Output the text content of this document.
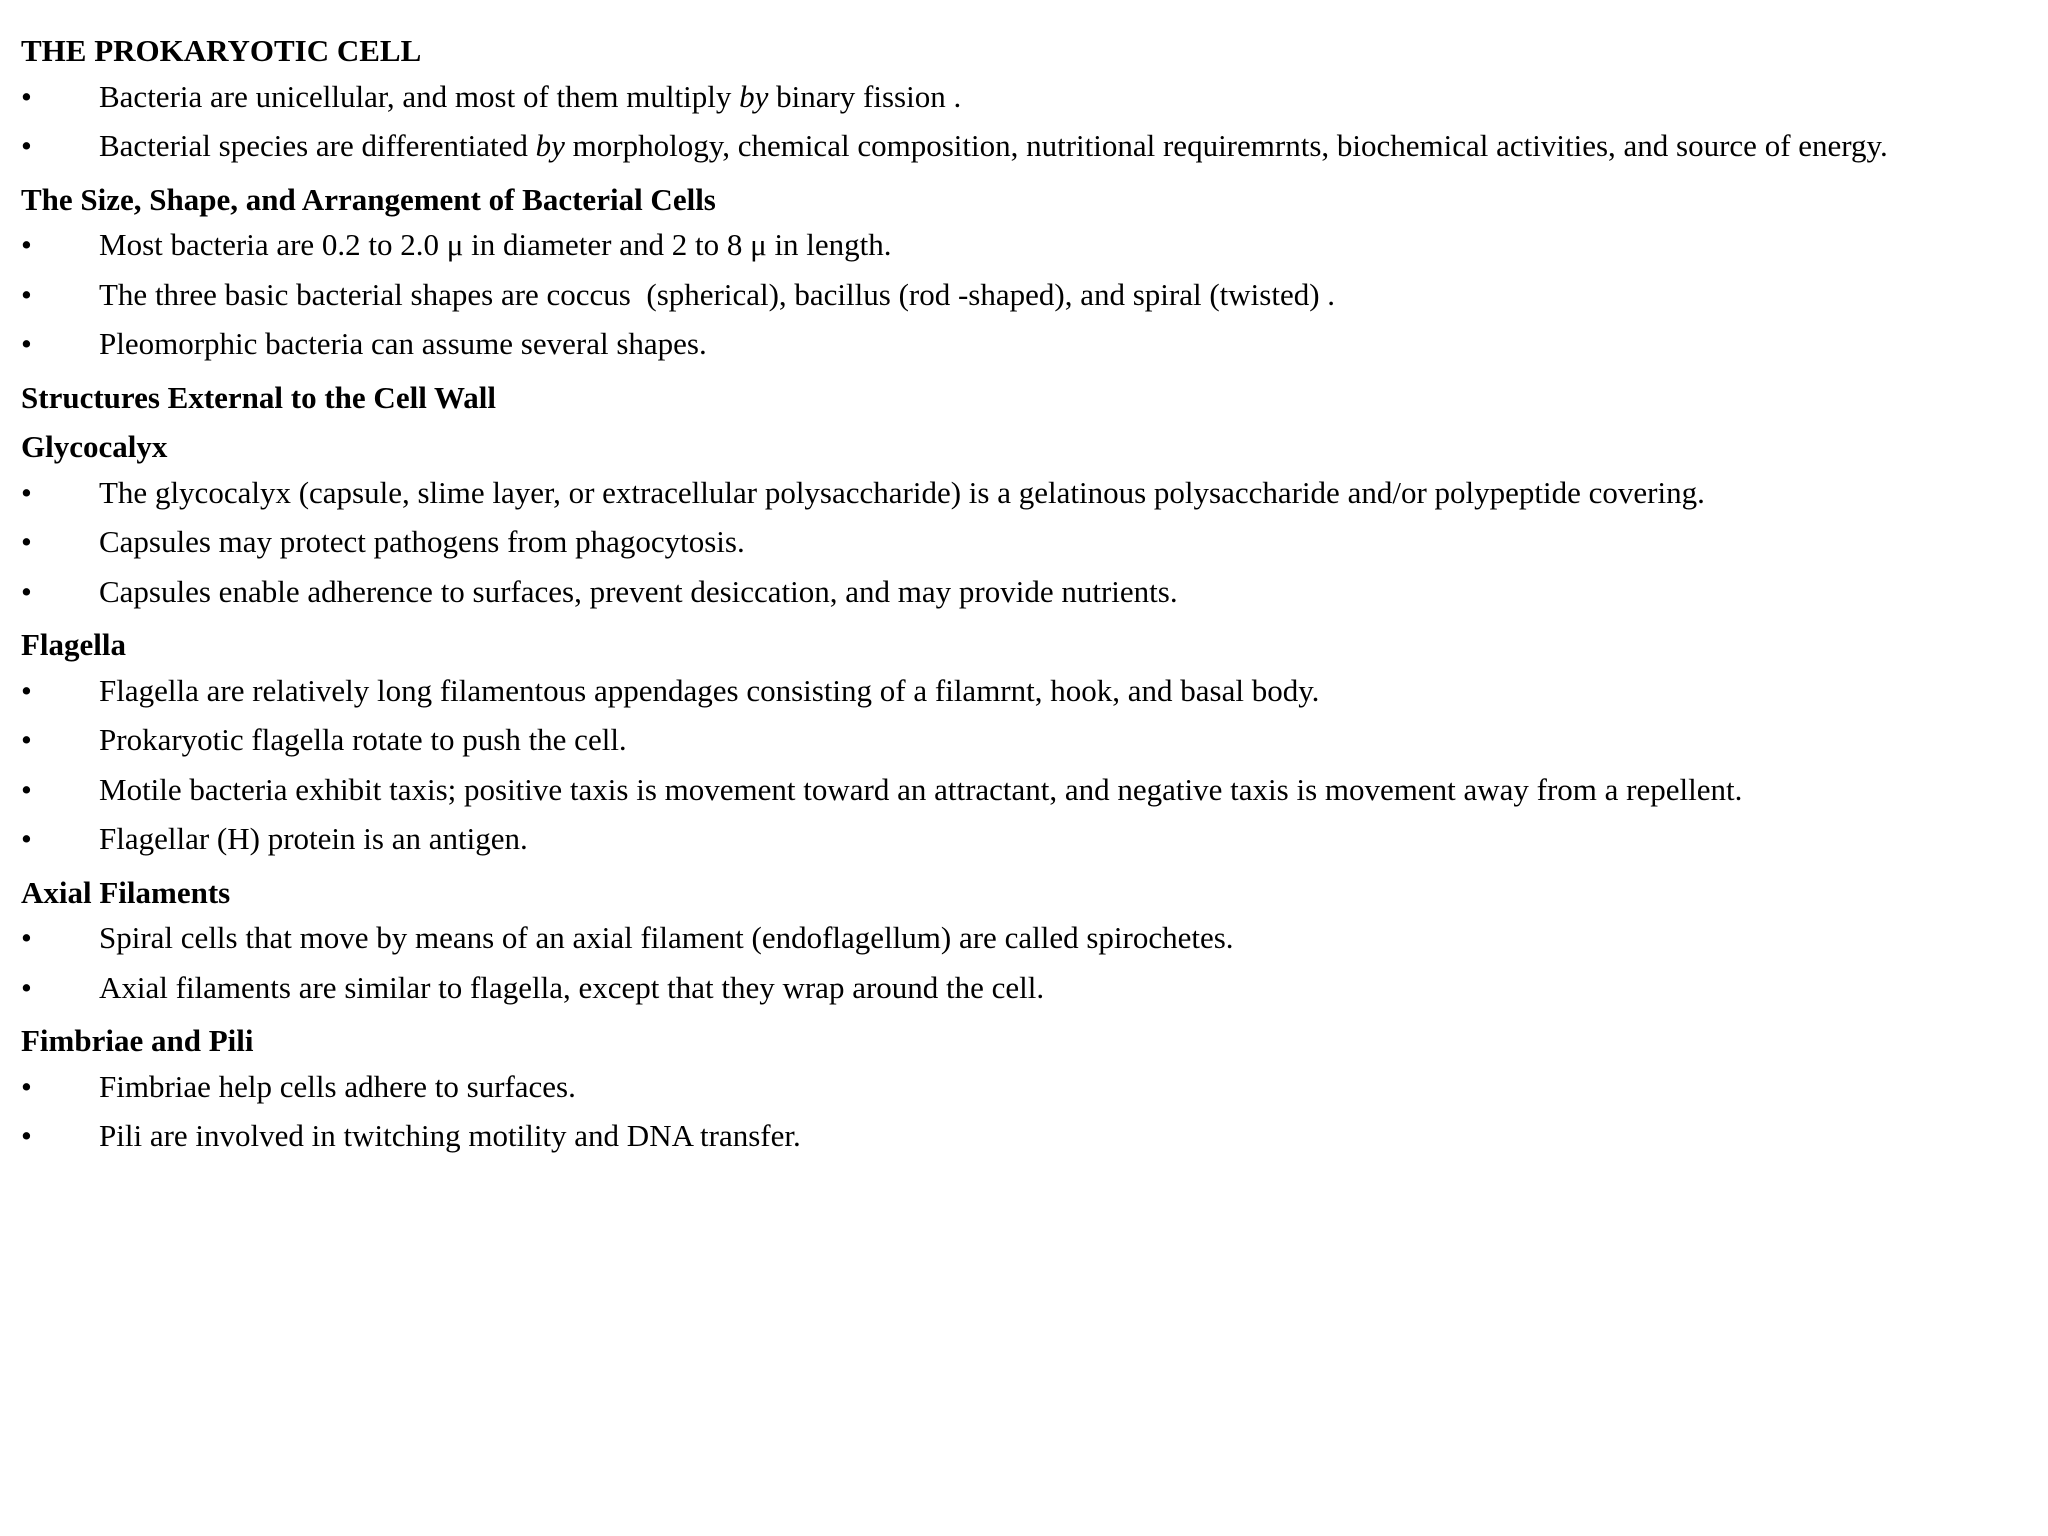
THE PROKARYOTIC CELL
• Bacteria are unicellular, and most of them multiply by binary fission .
• Bacterial species are differentiated by morphology, chemical composition, nutritional requiremrnts, biochemical activities, and source of energy.
The Size, Shape, and Arrangement of Bacterial Cells
• Most bacteria are 0.2 to 2.0 μ in diameter and 2 to 8 μ in length.
• The three basic bacterial shapes are coccus  (spherical), bacillus (rod -shaped), and spiral (twisted) .
• Pleomorphic bacteria can assume several shapes.
Structures External to the Cell Wall
Glycocalyx
• The glycocalyx (capsule, slime layer, or extracellular polysaccharide) is a gelatinous polysaccharide and/or polypeptide covering.
• Capsules may protect pathogens from phagocytosis.
• Capsules enable adherence to surfaces, prevent desiccation, and may provide nutrients.
Flagella
• Flagella are relatively long filamentous appendages consisting of a filamrnt, hook, and basal body.
• Prokaryotic flagella rotate to push the cell.
• Motile bacteria exhibit taxis; positive taxis is movement toward an attractant, and negative taxis is movement away from a repellent.
• Flagellar (H) protein is an antigen.
Axial Filaments
• Spiral cells that move by means of an axial filament (endoflagellum) are called spirochetes.
• Axial filaments are similar to flagella, except that they wrap around the cell.
Fimbriae and Pili
• Fimbriae help cells adhere to surfaces.
• Pili are involved in twitching motility and DNA transfer.
